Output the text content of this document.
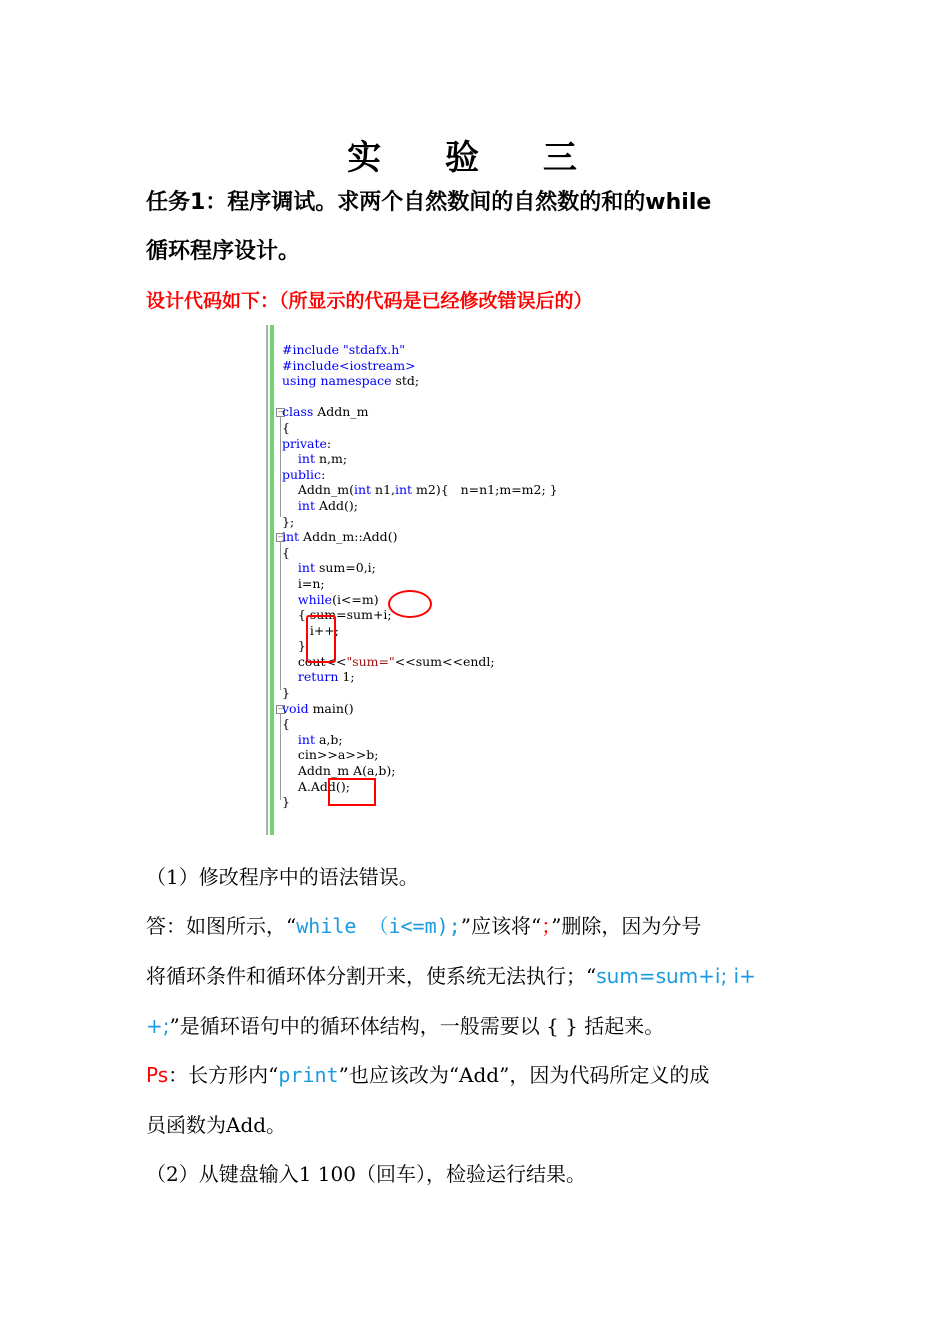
实 验 三
任务1：程序调试。求两个自然数间的自然数的和的while
循环程序设计。
设计代码如下：（所显示的代码是已经修改错误后的）
−
−
−
#include "stdafx.h"
#include<iostream>
using namespace std;

class Addn_m
{
private:
int n,m;
public:
Addn_m(int n1,int m2){   n=n1;m=m2; }
int Add();
};
int Addn_m::Add()
{
int sum=0,i;
i=n;
while(i<=m)
{ sum=sum+i;
i++;
}
cout<<"sum="<<sum<<endl;
return 1;
}
void main()
{
int a,b;
cin>>a>>b;
Addn_m A(a,b);
A.Add();
}
（1）修改程序中的语法错误。
答：如图所示，“while （i<=m);”应该将“；”删除，因为分号
将循环条件和循环体分割开来，使系统无法执行；“sum=sum+i; i+
+;”是循环语句中的循环体结构，一般需要以 { } 括起来。
Ps：长方形内“print”也应该改为“Add”，因为代码所定义的成
员函数为Add。
（2）从键盘输入1 100（回车），检验运行结果。
